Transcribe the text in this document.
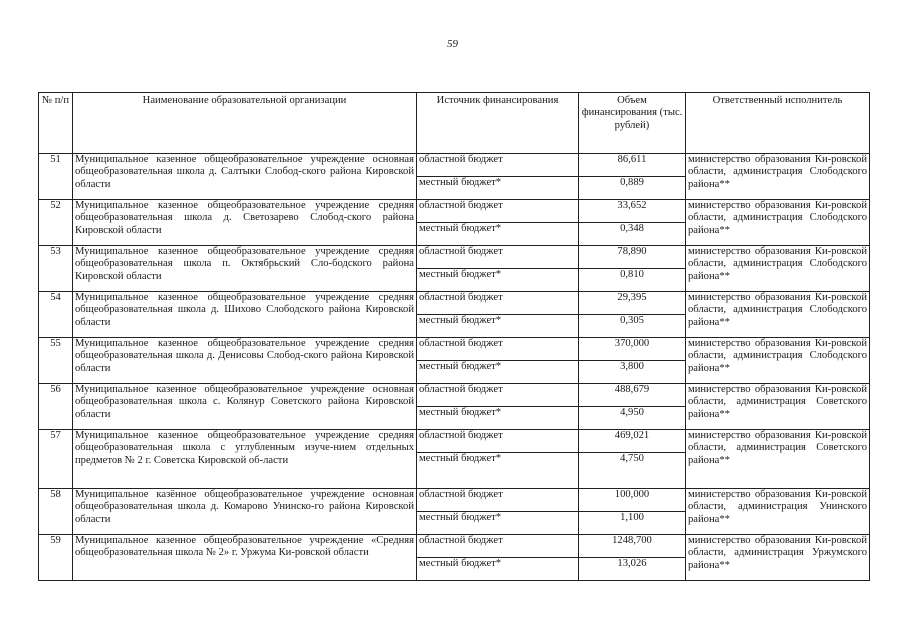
59
№ п/п	Наименование образовательной организации	Источник финансирования	Объем финансирования (тыс. рублей)	Ответственный исполнитель
51	Муниципальное казенное общеобразовательное учреждение основная общеобразовательная школа д. Салтыки Слобод-ского района Кировской области	областной бюджет	86,611	министерство образования Ки-ровской области, администрация Слободского района**
		местный бюджет*	0,889	
52	Муниципальное казенное общеобразовательное учреждение средняя общеобразовательная школа д. Светозарево Слобод-ского района Кировской области	областной бюджет	33,652	министерство образования Ки-ровской области, администрация Слободского района**
		местный бюджет*	0,348	
53	Муниципальное казенное общеобразовательное учреждение средняя общеобразовательная школа п. Октябрьский Сло-бодского района Кировской области	областной бюджет	78,890	министерство образования Ки-ровской области, администрация Слободского района**
		местный бюджет*	0,810	
54	Муниципальное казенное общеобразовательное учреждение средняя общеобразовательная школа д. Шихово Слободского района Кировской области	областной бюджет	29,395	министерство образования Ки-ровской области, администрация Слободского района**
		местный бюджет*	0,305	
55	Муниципальное казенное общеобразовательное учреждение средняя общеобразовательная школа д. Денисовы Слобод-ского района Кировской области	областной бюджет	370,000	министерство образования Ки-ровской области, администрация Слободского района**
		местный бюджет*	3,800	
56	Муниципальное казенное общеобразовательное учреждение основная общеобразовательная школа с. Колянур Советского района Кировской области	областной бюджет	488,679	министерство образования Ки-ровской области, администрация Советского района**
		местный бюджет*	4,950	
57	Муниципальное казенное общеобразовательное учреждение средняя общеобразовательная школа с углубленным изуче-нием отдельных предметов № 2 г. Советска Кировской об-ласти	областной бюджет	469,021	министерство образования Ки-ровской области, администрация Советского района**
		местный бюджет*	4,750	
58	Муниципальное казённое общеобразовательное учреждение основная общеобразовательная школа д. Комарово Унинско-го района Кировской области	областной бюджет	100,000	министерство образования Ки-ровской области, администрация Унинского района**
		местный бюджет*	1,100	
59	Муниципальное казенное общеобразовательное учреждение «Средняя общеобразовательная школа № 2» г. Уржума Ки-ровской области	областной бюджет	1248,700	министерство образования Ки-ровской области, администрация Уржумского района**
		местный бюджет*	13,026	
